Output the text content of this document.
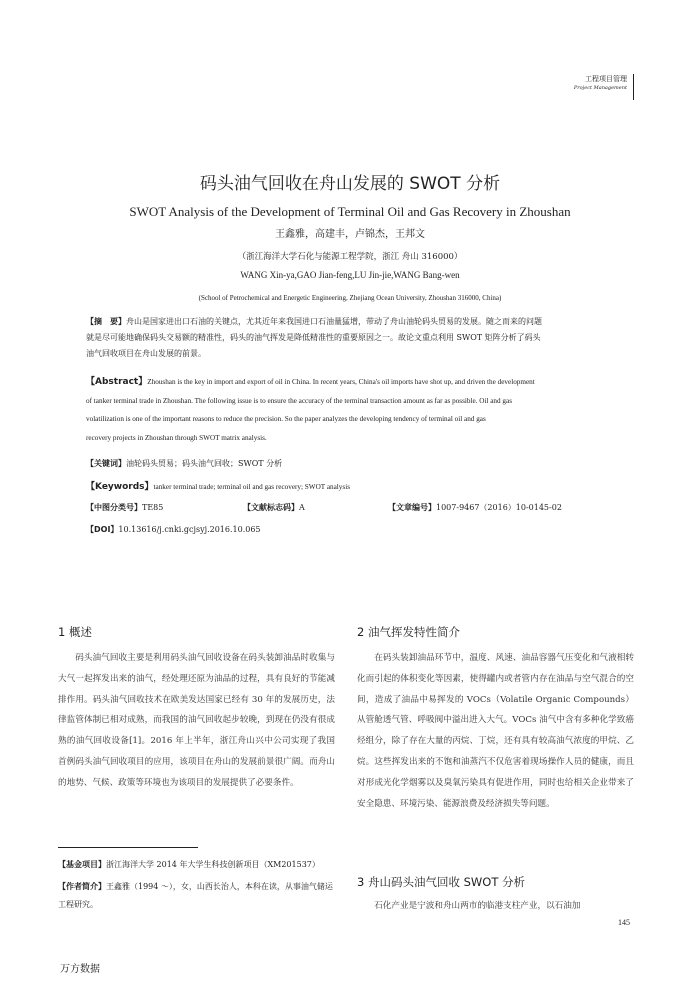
工程项目管理
Project Management
码头油气回收在舟山发展的 SWOT 分析
SWOT Analysis of the Development of Terminal Oil and Gas Recovery in Zhoushan
王鑫雅，高建丰，卢锦杰，王邦文
（浙江海洋大学石化与能源工程学院，浙江 舟山 316000）
WANG Xin-ya,GAO Jian-feng,LU Jin-jie,WANG Bang-wen
(School of Petrochemical and Energetic Engineering, Zhejiang Ocean University, Zhoushan 316000, China)
【摘　要】舟山是国家进出口石油的关键点，尤其近年来我国进口石油量猛增，带动了舟山油轮码头贸易的发展。随之而来的问题
就是尽可能地确保码头交易额的精准性，码头的油气挥发是降低精准性的重要原因之一。故论文重点利用 SWOT 矩阵分析了码头
油气回收项目在舟山发展的前景。
【Abstract】Zhoushan is the key in import and export of oil in China. In recent years, China's oil imports have shot up, and driven the development
of tanker terminal trade in Zhoushan. The following issue is to ensure the accuracy of the terminal transaction amount as far as possible. Oil and gas
volatilization is one of the important reasons to reduce the precision. So the paper analyzes the developing tendency of terminal oil and gas
recovery projects in Zhoushan through SWOT matrix analysis.
【关键词】油轮码头贸易；码头油气回收；SWOT 分析
【Keywords】tanker terminal trade; terminal oil and gas recovery; SWOT analysis
【中图分类号】TE85	【文献标志码】A	【文章编号】1007-9467（2016）10-0145-02
【DOI】10.13616/j.cnki.gcjsyj.2016.10.065
1 概述
码头油气回收主要是利用码头油气回收设备在码头装卸油品时收集与大气一起挥发出来的油气，经处理还原为油品的过程，具有良好的节能减排作用。码头油气回收技术在欧美发达国家已经有 30 年的发展历史，法律监管体制已相对成熟，而我国的油气回收起步较晚，到现在仍没有很成熟的油气回收设备[1]。2016 年上半年，浙江舟山兴中公司实现了我国首例码头油气回收项目的应用，该项目在舟山的发展前景很广阔。而舟山的地势、气候、政策等环境也为该项目的发展提供了必要条件。
【基金项目】浙江海洋大学 2014 年大学生科技创新项目（XM201537）
【作者简介】王鑫雅（1994 ～），女，山西长治人，本科在读，从事油气储运工程研究。
2 油气挥发特性简介
在码头装卸油品环节中，温度、风速、油品容器气压变化和气液相转化而引起的体积变化等因素，使得罐内或者管内存在油品与空气混合的空间，造成了油品中易挥发的 VOCs（Volatile Organic Compounds）从管舱透气管、呼吸阀中溢出进入大气。VOCs 油气中含有多种化学致癌烃组分，除了存在大量的丙烷、丁烷，还有具有较高油气浓度的甲烷、乙烷。这些挥发出来的不饱和油蒸汽不仅危害着现场操作人员的健康，而且对形成光化学烟雾以及臭氧污染具有促进作用，同时也给相关企业带来了安全隐患、环境污染、能源浪费及经济损失等问题。
3 舟山码头油气回收 SWOT 分析
石化产业是宁波和舟山两市的临港支柱产业，以石油加
145
万方数据
